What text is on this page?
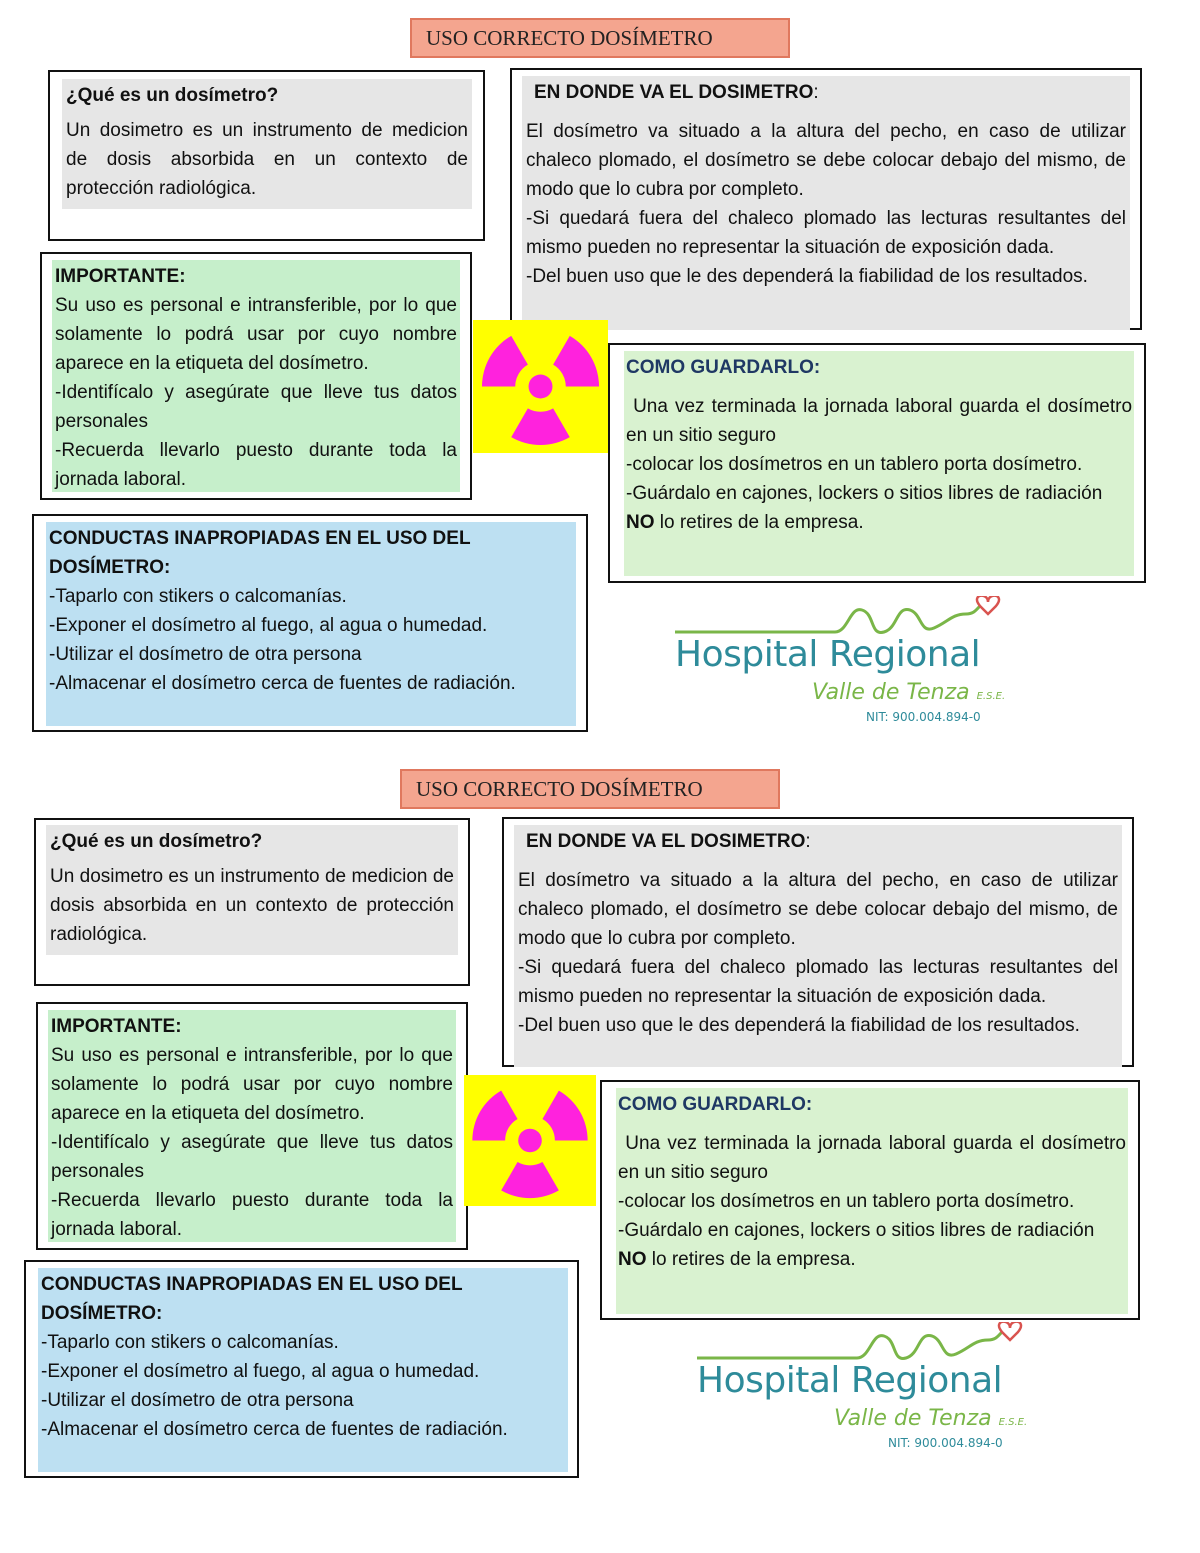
USO CORRECTO DOSÍMETRO
¿Qué es un dosímetro?
Un dosimetro es un instrumento de medicion de dosis absorbida en un contexto de protección radiológica.
EN DONDE VA EL DOSIMETRO:
El dosímetro va situado a la altura del pecho, en caso de utilizar chaleco plomado, el dosímetro se debe colocar debajo del mismo, de modo que lo cubra por completo.
-Si quedará fuera del chaleco plomado las lecturas resultantes del mismo pueden no representar la situación de exposición dada.
-Del buen uso que le des dependerá la fiabilidad de los resultados.
IMPORTANTE:
Su uso es personal e intransferible, por lo que solamente lo podrá usar por cuyo nombre aparece en la etiqueta del dosímetro.
-Identifícalo y asegúrate que lleve tus datos personales
-Recuerda llevarlo puesto durante toda la jornada laboral.
COMO GUARDARLO:
Una vez terminada la jornada laboral guarda el dosímetro en un sitio seguro
-colocar los dosímetros en un tablero porta dosímetro.
-Guárdalo en cajones, lockers o sitios libres de radiación
NO lo retires de la empresa.
CONDUCTAS INAPROPIADAS EN EL USO DEL DOSÍMETRO:
-Taparlo con stikers o calcomanías.
-Exponer el dosímetro al fuego, al agua o humedad.
-Utilizar el dosímetro de otra persona
-Almacenar el dosímetro cerca de fuentes de radiación.
Hospital Regional
Valle de Tenza E.S.E.
NIT: 900.004.894-0
USO CORRECTO DOSÍMETRO
¿Qué es un dosímetro?
Un dosimetro es un instrumento de medicion de dosis absorbida en un contexto de protección radiológica.
EN DONDE VA EL DOSIMETRO:
El dosímetro va situado a la altura del pecho, en caso de utilizar chaleco plomado, el dosímetro se debe colocar debajo del mismo, de modo que lo cubra por completo.
-Si quedará fuera del chaleco plomado las lecturas resultantes del mismo pueden no representar la situación de exposición dada.
-Del buen uso que le des dependerá la fiabilidad de los resultados.
IMPORTANTE:
Su uso es personal e intransferible, por lo que solamente lo podrá usar por cuyo nombre aparece en la etiqueta del dosímetro.
-Identifícalo y asegúrate que lleve tus datos personales
-Recuerda llevarlo puesto durante toda la jornada laboral.
COMO GUARDARLO:
Una vez terminada la jornada laboral guarda el dosímetro en un sitio seguro
-colocar los dosímetros en un tablero porta dosímetro.
-Guárdalo en cajones, lockers o sitios libres de radiación
NO lo retires de la empresa.
CONDUCTAS INAPROPIADAS EN EL USO DEL DOSÍMETRO:
-Taparlo con stikers o calcomanías.
-Exponer el dosímetro al fuego, al agua o humedad.
-Utilizar el dosímetro de otra persona
-Almacenar el dosímetro cerca de fuentes de radiación.
Hospital Regional
Valle de Tenza E.S.E.
NIT: 900.004.894-0
